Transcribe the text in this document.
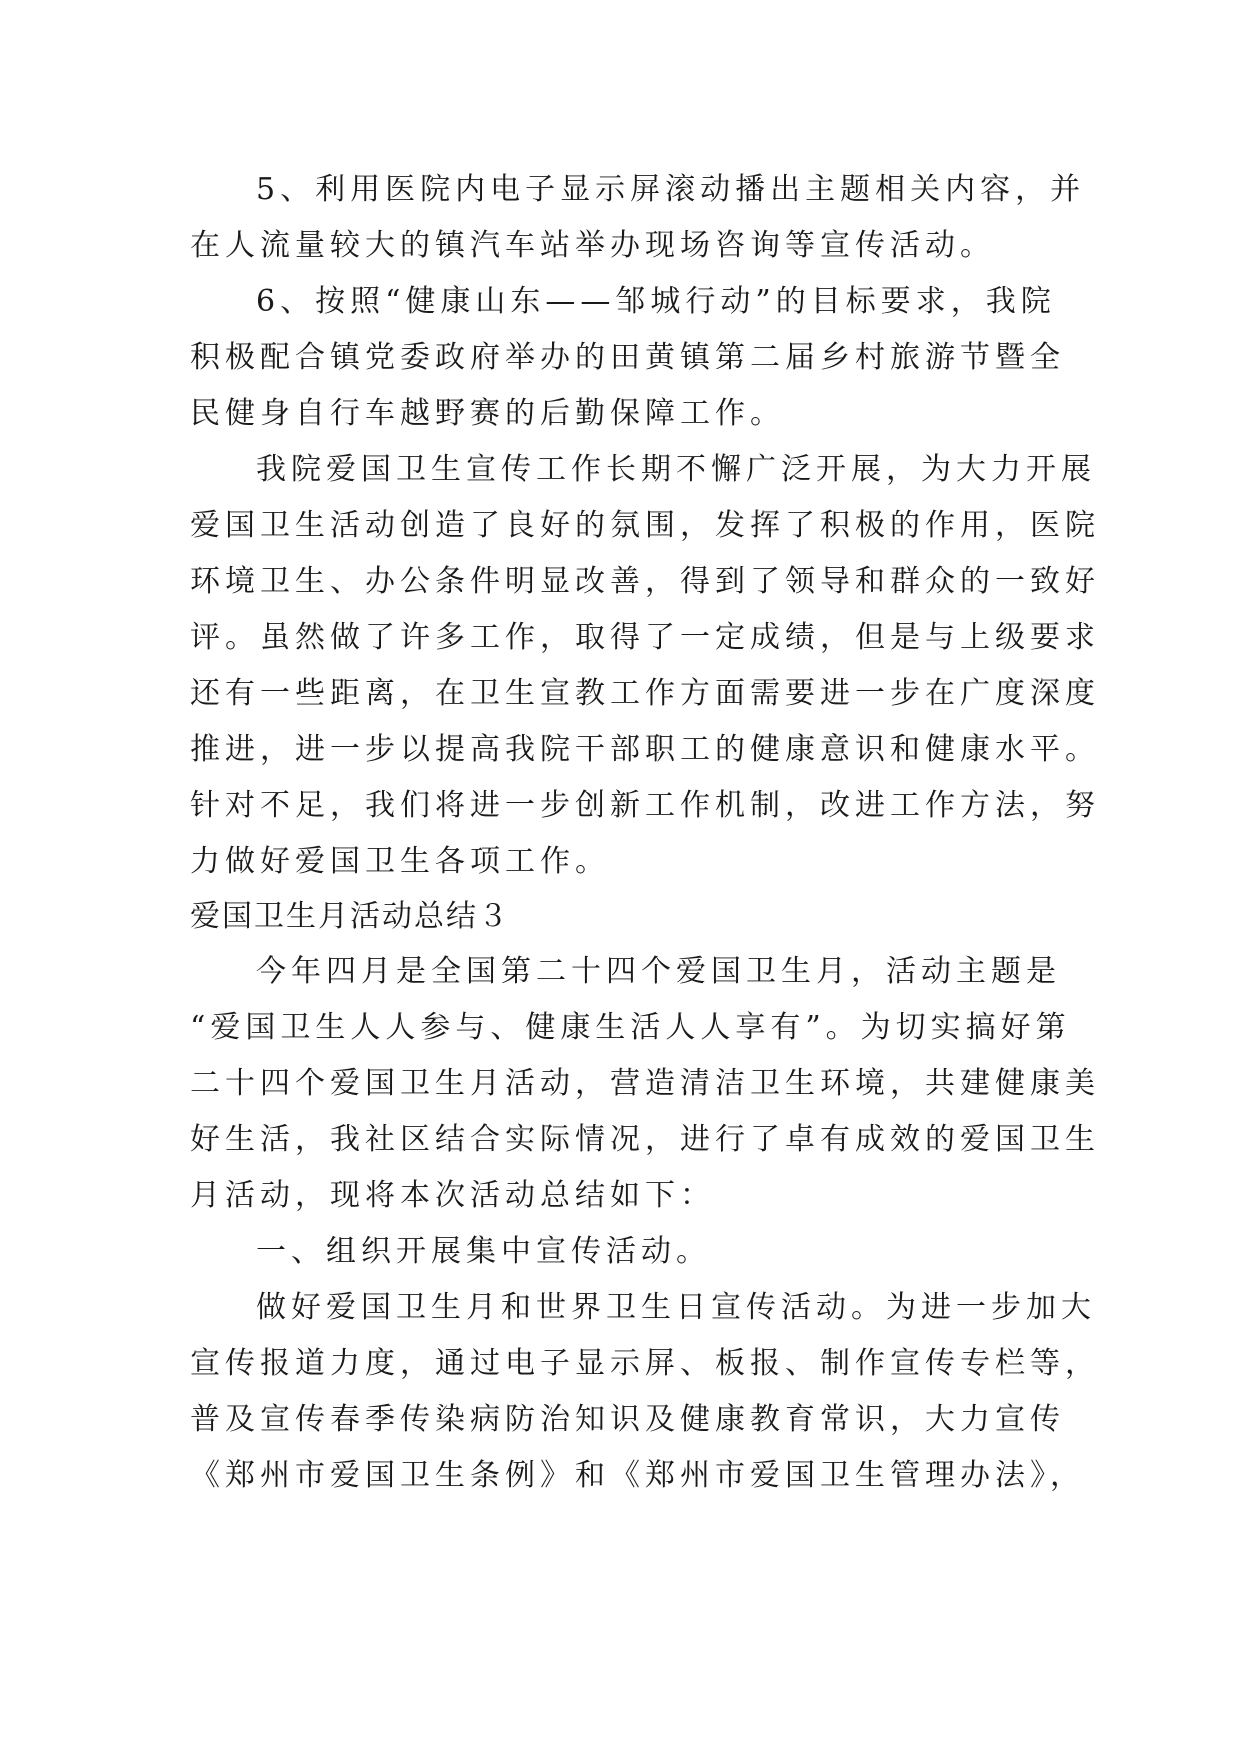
5、利用医院内电子显示屏滚动播出主题相关内容，并
在人流量较大的镇汽车站举办现场咨询等宣传活动。
6、按照“健康山东——邹城行动”的目标要求，我院
积极配合镇党委政府举办的田黄镇第二届乡村旅游节暨全
民健身自行车越野赛的后勤保障工作。
我院爱国卫生宣传工作长期不懈广泛开展，为大力开展
爱国卫生活动创造了良好的氛围，发挥了积极的作用，医院
环境卫生、办公条件明显改善，得到了领导和群众的一致好
评。虽然做了许多工作，取得了一定成绩，但是与上级要求
还有一些距离，在卫生宣教工作方面需要进一步在广度深度
推进，进一步以提高我院干部职工的健康意识和健康水平。
针对不足，我们将进一步创新工作机制，改进工作方法，努
力做好爱国卫生各项工作。
爱国卫生月活动总结３
今年四月是全国第二十四个爱国卫生月，活动主题是
“爱国卫生人人参与、健康生活人人享有”。为切实搞好第
二十四个爱国卫生月活动，营造清洁卫生环境，共建健康美
好生活，我社区结合实际情况，进行了卓有成效的爱国卫生
月活动，现将本次活动总结如下：
一、组织开展集中宣传活动。
做好爱国卫生月和世界卫生日宣传活动。为进一步加大
宣传报道力度，通过电子显示屏、板报、制作宣传专栏等，
普及宣传春季传染病防治知识及健康教育常识，大力宣传
《郑州市爱国卫生条例》和《郑州市爱国卫生管理办法》，
